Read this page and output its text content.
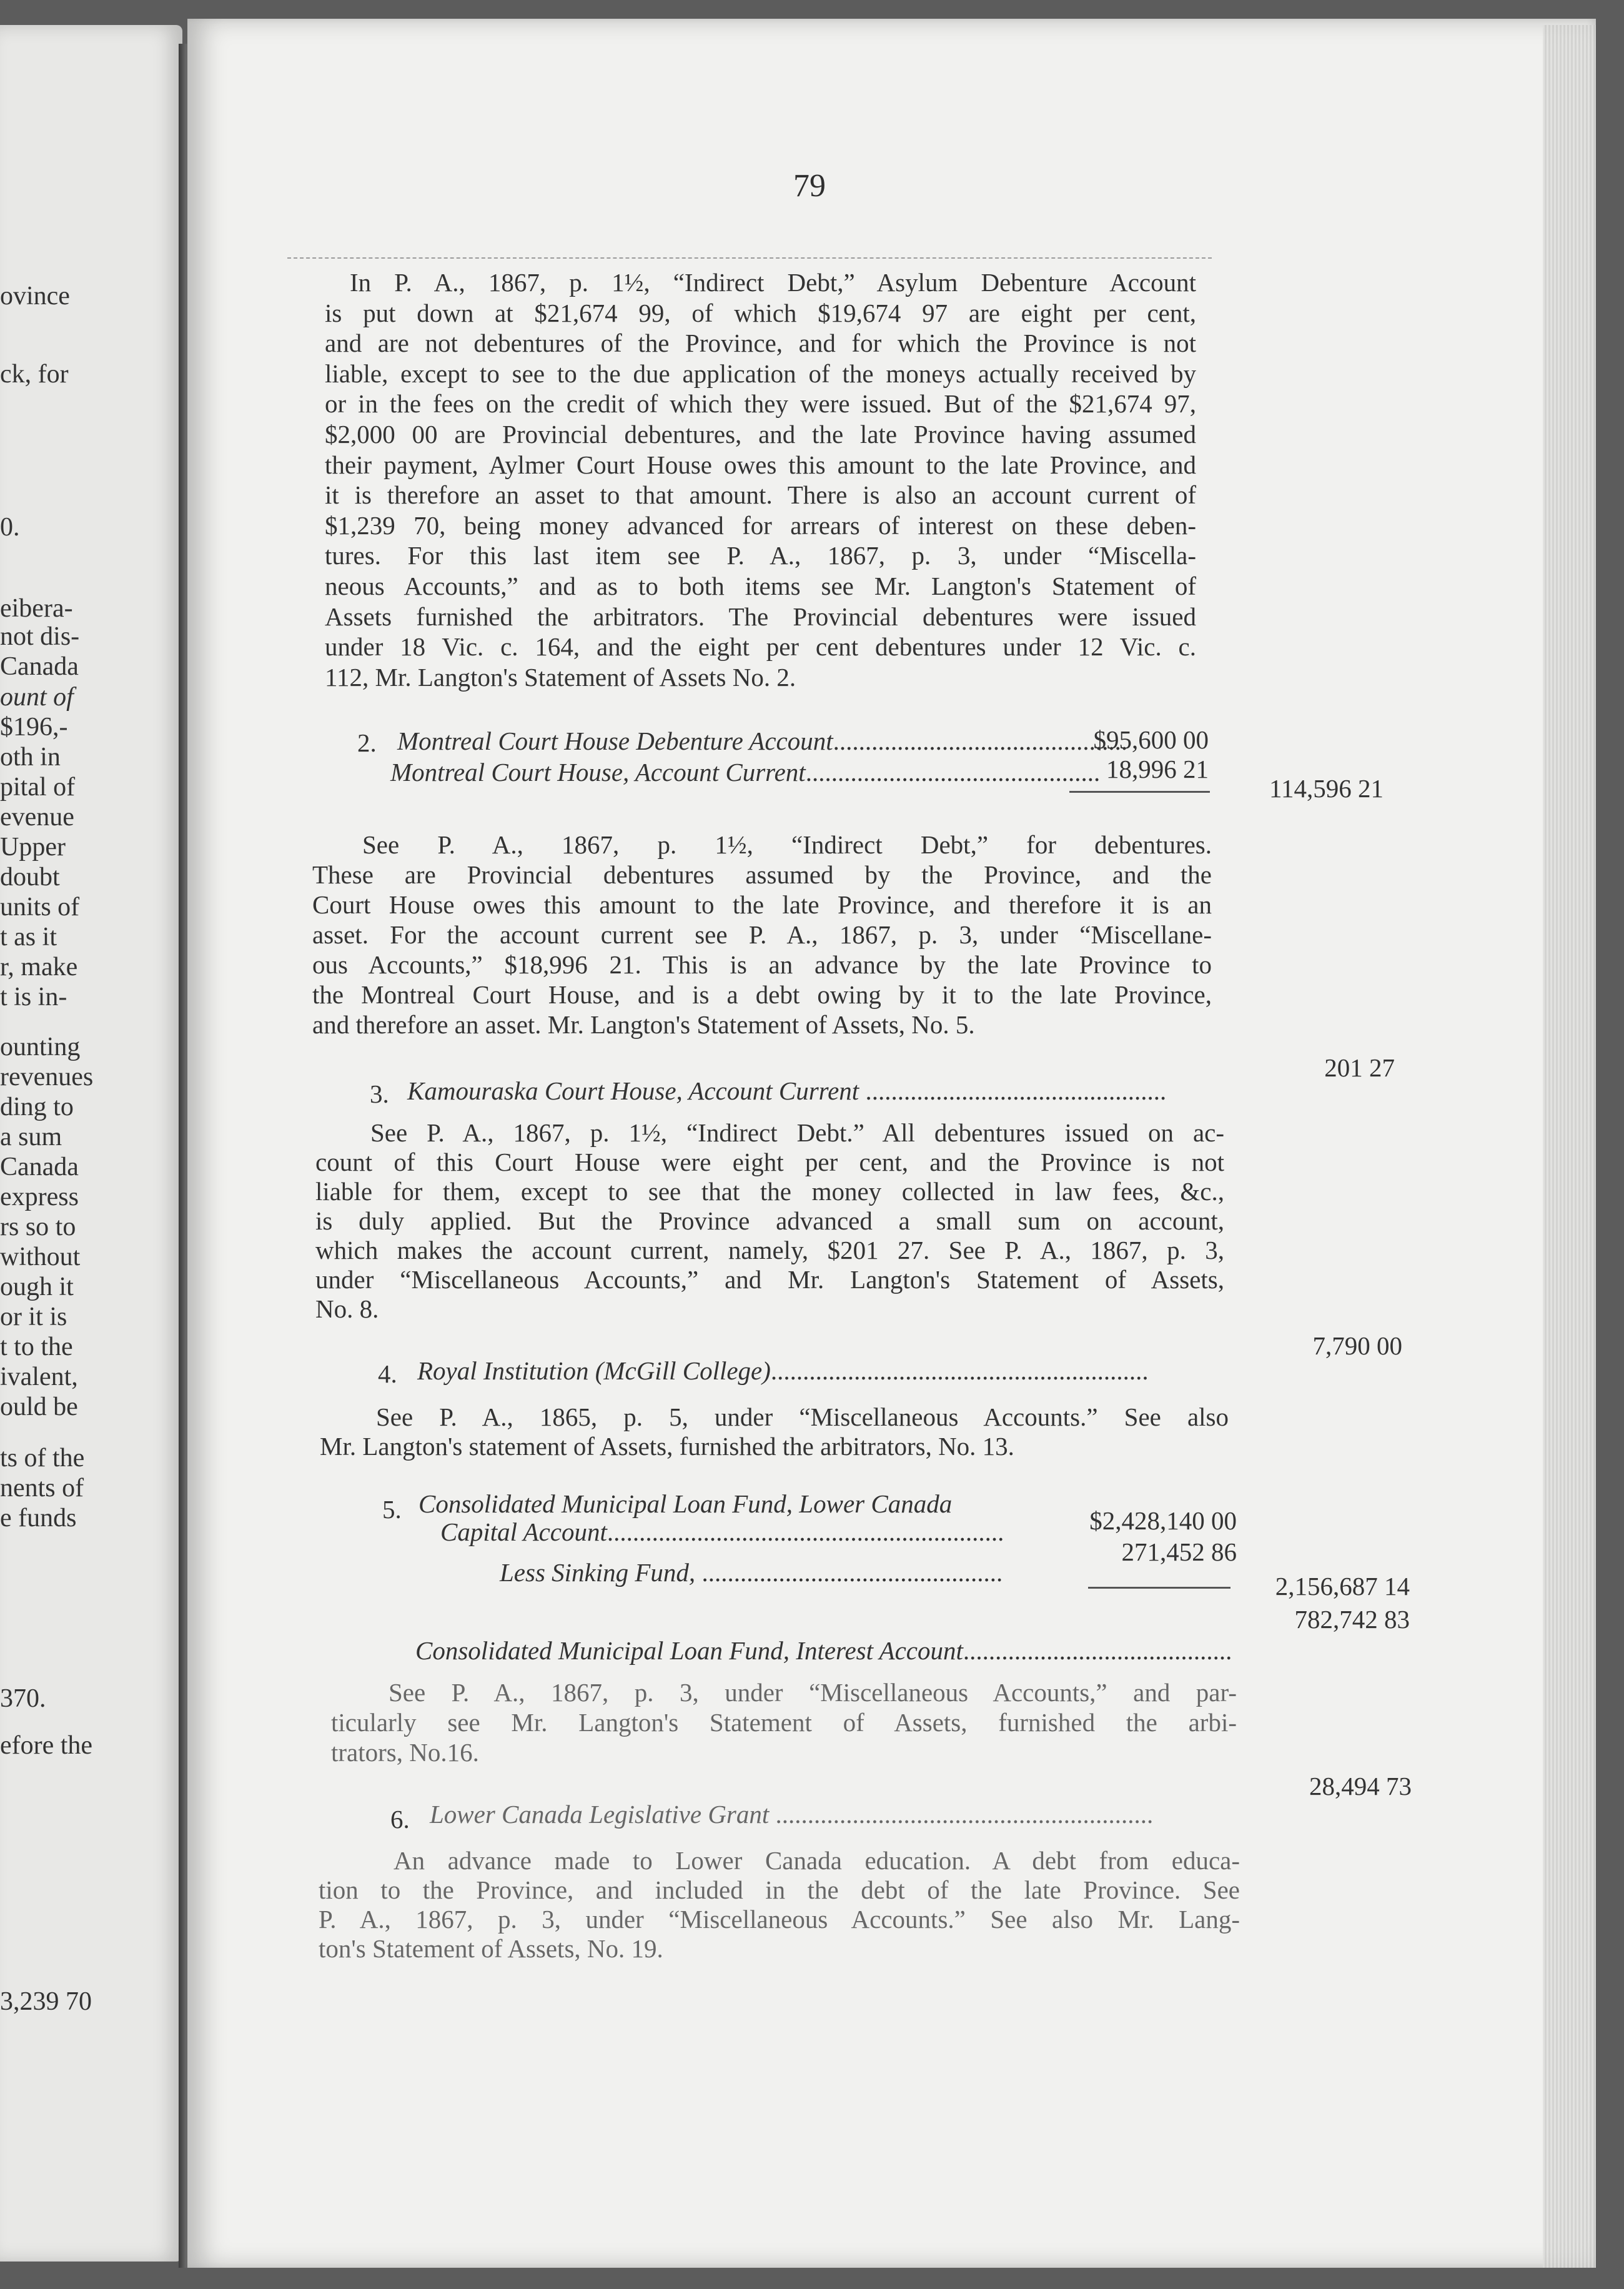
ovince
ck, for
0.
eibera-
not dis-
Canada
ount of
$196,-
oth in
pital of
evenue
Upper
doubt
units of
t as it
r, make
t is in-
ounting
revenues
ding to
a sum
Canada
express
rs so to
without
ough it
or it is
t to the
ivalent,
ould be
ts of the
nents of
e funds
370.
efore the
3,239 70
79
In P. A., 1867, p. 1½, “Indirect Debt,” Asylum Debenture Account
is put down at $21,674 99, of which $19,674 97 are eight per cent,
and are not debentures of the Province, and for which the Province is not
liable, except to see to the due application of the moneys actually received by
or in the fees on the credit of which they were issued. But of the $21,674 97,
$2,000 00 are Provincial debentures, and the late Province having assumed
their payment, Aylmer Court House owes this amount to the late Province, and
it is therefore an asset to that amount. There is also an account current of
$1,239 70, being money advanced for arrears of interest on these deben-
tures. For this last item see P. A., 1867, p. 3, under “Miscella-
neous Accounts,” and as to both items see Mr. Langton's Statement of
Assets furnished the arbitrators. The Provincial debentures were issued
under 18 Vic. c. 164, and the eight per cent debentures under 12 Vic. c.
112, Mr. Langton's Statement of Assets No. 2.
2. Montreal Court House Debenture Account..............................................
$95,600 00
Montreal Court House, Account Current.............................................. 18,996 21
114,596 21
See P. A., 1867, p. 1½, “Indirect Debt,” for debentures.
These are Provincial debentures assumed by the Province, and the
Court House owes this amount to the late Province, and therefore it is an
asset. For the account current see P. A., 1867, p. 3, under “Miscellane-
ous Accounts,” $18,996 21. This is an advance by the late Province to
the Montreal Court House, and is a debt owing by it to the late Province,
and therefore an asset. Mr. Langton's Statement of Assets, No. 5.
3. Kamouraska Court House, Account Current ...............................................
201 27
See P. A., 1867, p. 1½, “Indirect Debt.” All debentures issued on ac-
count of this Court House were eight per cent, and the Province is not
liable for them, except to see that the money collected in law fees, &c.,
is duly applied. But the Province advanced a small sum on account,
which makes the account current, namely, $201 27. See P. A., 1867, p. 3,
under “Miscellaneous Accounts,” and Mr. Langton's Statement of Assets,
No. 8.
4. Royal Institution (McGill College)...........................................................
7,790 00
See P. A., 1865, p. 5, under “Miscellaneous Accounts.” See also
Mr. Langton's statement of Assets, furnished the arbitrators, No. 13.
5. Consolidated Municipal Loan Fund, Lower Canada
Capital Account..............................................................	$2,428,140 00
Less Sinking Fund, ...............................................
271,452 86
2,156,687 14
Consolidated Municipal Loan Fund, Interest Account..........................................
782,742 83
See P. A., 1867, p. 3, under “Miscellaneous Accounts,” and par-
ticularly see Mr. Langton's Statement of Assets, furnished the arbi-
trators, No.16.
6. Lower Canada Legislative Grant ...........................................................
28,494 73
An advance made to Lower Canada education. A debt from educa-
tion to the Province, and included in the debt of the late Province. See
P. A., 1867, p. 3, under “Miscellaneous Accounts.” See also Mr. Lang-
ton's Statement of Assets, No. 19.
